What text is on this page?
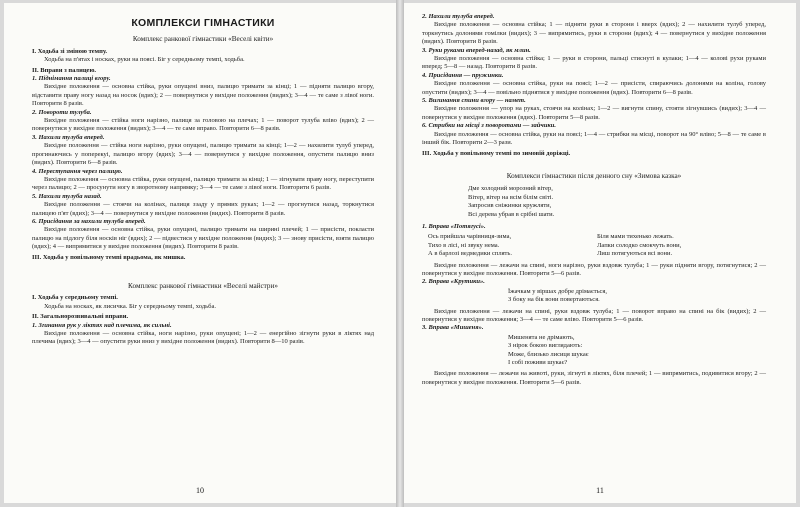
КОМПЛЕКСИ ГІМНАСТИКИ
Комплекс ранкової гімнастики «Веселі квіти»
І. Ходьба зі зміною темпу.

Ходьба на п'ятах і носках, руки на поясі. Біг у середньому темпі, ходьба.

ІІ. Вправи з палицею.
1. Піднімання палиці вгору.

Вихідне положення — основна стійка, руки опущені вниз, палицю тримати за кінці; 1 — підняти палицю вгору, відставити праву ногу назад на носок (вдих); 2 — повернутися у вихідне положення (видих); 3—4 — те саме з лівої ноги. Повторити 8 разів.

2. Повороти тулуба.

Вихідне положення — стійка ноги нарізно, палиця за головою на плечах; 1 — поворот тулуба вліво (вдих); 2 — повернутися у вихідне положення (видих); 3—4 — те саме вправо. Повторити 6—8 разів.

3. Нахили тулуба вперед.

Вихідне положення — стійка ноги нарізно, руки опущені, палицю тримати за кінці; 1—2 — нахилити тулуб уперед, прогинаючись у поперекуі, палицю вгору (вдих); 3—4 — повернутися у вихідне положення, опустити палицю вниз (видих). Повторити 6—8 разів.

4. Переступання через палицю.

Вихідне положення — основна стійка, руки опущені, палицю тримати за кінці; 1 — зігнувати праву ногу, переступити через палицю; 2 — просунути ногу в зворотному напрямку; 3—4 — те саме з лівої ноги. Повторити 6 разів.

5. Нахили тулуба назад.

Вихідне положення — стоячи на колінах, палиця ззаду у прямих руках; 1—2 — прогнутися назад, торкнутися палицею п'ят (вдих); 3—4 — повернутися у вихідне положення (видих). Повторити 8 разів.

6. Присідання за нахили тулуба вперед.

Вихідне положення — основна стійка, руки опущені, палицю тримати на ширині плечей; 1 — присісти, покласти палицю на підлогу біля носків ніг (вдих); 2 — підвестися у вихідне положення (видих); 3 — знову присісти, взяти палицю (вдих); 4 — випрямитися у вихідне положення (видих). Повторити 8 разів.

ІІІ. Ходьба у повільному темпі врадьома, як мишка.
Комплекс ранкової гімнастики «Веселі майстри»
І. Ходьба у середньому темпі.

Ходьба на носках, як лисичка. Біг у середньому темпі, ходьба.

ІІ. Загальнорозвивальні вправи.
1. Згинання рук у ліктях над плечима, як сильні.

Вихідне положення — основна стійка, ноги нарізно, руки опущені; 1—2 — енергійно зігнути руки в ліктях над плечима (вдих); 3—4 — опустити руки вниз у вихідне положення (видих). Повторити 8—10 разів.

10
2. Нахили тулуба вперед.

Вихідне положення — основна стійка; 1 — підняти руки в сторони і вверх (вдих); 2 — нахилити тулуб уперед, торкнутись долонями гомілки (видих); 3 — випрямитись, руки в сторони (вдих); 4 — повернутися у вихідне положення (видих). Повторити 8 разів.

3. Руки руками вперед-назад, як млин.

Вихідне положення — основна стійка; 1 — руки в сторони, пальці стиснуті в кулаки; 1—4 — колові рухи руками вперед; 5—8 — назад. Повторити 8 разів.

4. Присідання — пружинки.

Вихідне положення — основна стійка, руки на поясі; 1—2 — присісти, спираючись долонями на коліна, голову опустити (видих); 3—4 — повільно піднятися у вихідне положення (вдих). Повторити 6—8 разів.

5. Вигинання спини вгору — намет.

Вихідне положення — упор на руках, стоячи на колінах; 1—2 — вигнути спину, стояти зігнувшись (видих); 3—4 — повернутися у вихідне положення (вдих). Повторити 5—8 разів.

6. Стрибки на місці з поворотами — зайчики.

Вихідне положення — основна стійка, руки на поясі; 1—4 — стрибки на місці, поворот на 90° вліво; 5—8 — те саме в інший бік. Повторити 2—3 рази.

ІІІ. Ходьба у повільному темпі по зимовій доріжці.
Комплекси гімнастики після денного сну «Зимова казка»
Дме холодний морозний вітер,
Вітер, вітер на всім білім світі.
Запросив сніжинки кружляти,
Всі дерева убрав в срібні шати.
1. Вправа «Потягусі».
Ось прийшла чарівниця-зима,
Тихо в лісі, ні звуку нема.
А в барлозі ведмедики сплять.
Біля мами тихенько лежать.
Лапки солодко смокчуть вони,
Лиш потягуються всі вони.

Вихідне положення — лежачи на спині, ноги нарізно, руки вздовж тулуба; 1 — руки підняти вгору, потягнутися; 2 — повернутися у вихідне положення. Повторити 5—6 разів.

2. Вправа «Крутики».
Їжачкам у віршах добре дрімається,
З боку на бік вони повертаються.

Вихідне положення — лежачи на спині, руки вздовж тулуба; 1 — поворот вправо на спині на бік (видих); 2 — повернутися у вихідне положення; 3—4 — те саме вліво. Повторити 5—6 разів.

3. Вправа «Мишеня».
Мишенята не дрімають,
З нірок бокою виглядають:
Може, близько лисиця шукає
І собі поживи шукає?

Вихідне положення — лежачи на животі, руки, зігнуті в ліктях, біля плечей; 1 — випрямитись, подивитися вгору; 2 — повернутися у вихідне положення. Повторити 5—6 разів.

11
